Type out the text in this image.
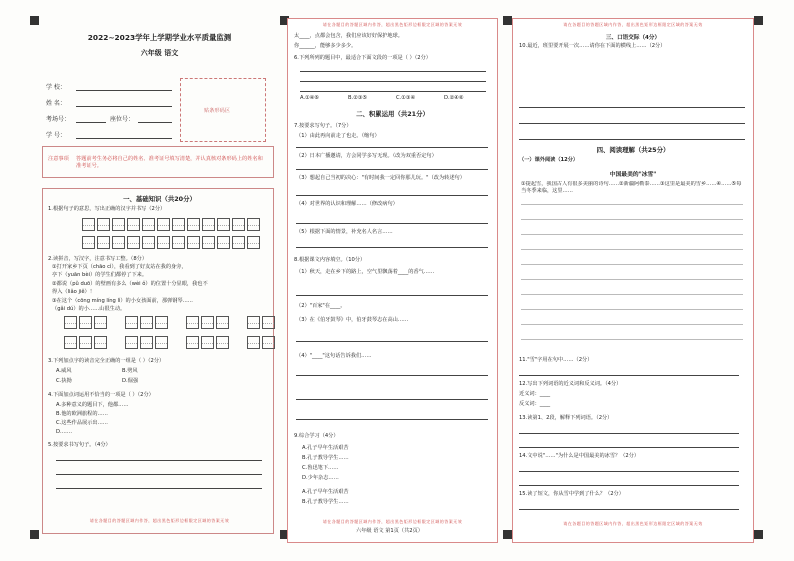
2022~2023学年上学期学业水平质量监测
六年级 语文
学 校：
姓 名：
考场号：	座位号：
学 号：
贴条形码区
注意事项 答题前考生务必将自己的姓名、准考证号填写清楚，并认真核对条形码上的姓名和准考证号。
一、基础知识（共20分）
1.根据句子的意思，写出正确的汉字并书写（2分）
2.读拼音，写汉字，注意书写工整。（8分）
①打开家乡下页（chāo cì），我看到了好友站在我的身旁，
亭下（yuān bèi）的学生们都停了下来。
②都说（pǔ duō）的壁画有多么（wèi ǒ）的位置十分显眼，我也不
得入（liǎo jiě）！
③在这个（cōng míng líng lì）的小女孩面前，那弹钢琴……
（gǎi dú）的小……山很生动。
3.下列加点字的读音完全正确的一组是（ ）（2分）
A.威风	B.劈风
C.执拗	D.倔强
4.下面加点词运用不恰当的一项是（ ）（2分）
A.多种意义的题目下，他都……
B.他的欧洲旅程的……
C.这些作品展示出……
D.……
5.按要求书写句子。（4分）
请在各题目的答题区域内作答，超出黑色矩形边框限定区域的答案无效
请在各题目的答题区域内作答，超出黑色矩形边框限定区域的答案无效
太____，点都会包含，我们应该好好保护地球。
你______，能够多少多少。
6.下列所列的题目中，最适合下面文段的一项是（ ）（2分）
A.①④⑥	B.②③⑤	C.①③④	D.②④⑥
二、积累运用（共21分）
7.按要求写句子。（7分）
（1）由此再向前走了也走。（缩句）
（2）日本广播邀请，方会同学多写无现。（改为双重否定句）
（3）想起自己当初的决心："有时间我一定回你那儿玩。"（改为转述句）
（4）对世界的认识和理解……（修改病句）
（5）根据下面的情景，补充名人名言……
8.根据课文内容填空。（10分）
（1）秋天，走在乡下的路上，空气里飘荡着____的香气……
（2）"百家"在____。
（3）在《伯牙鼓琴》中，伯牙鼓琴志在高山……
（4）"____"这句话告诉我们……
9.综合学习（4分）
A.孔子早年生活艰苦
B.孔子教导学生……
C.鲁迅笔下……
D.少年杂志……
A.孔子早年生活艰苦
B.孔子教导学生……
请在各题目的答题区域内作答，超出黑色矩形边框限定区域的答案无效
六年级 语文 第1页（共2页）
请在各题目的答题区域内作答，超出黑色矩形边框限定区域的答案无效
三、口语交际（4分）
10.最近，班里要开展一次……请你在下面的横线上……（2分）
四、阅读理解（共25分）
（一）课外阅读（12分）
中国最美的"冰雪"
①提起雪，我国古人有很多美丽的诗句……②新疆阿勒泰……③这里是最美的雪乡……④……⑤每当冬季来临，这里……
11."雪"字用在句中……（2分）
12.写出下列词语的近义词和反义词。（4分）
近义词：____
反义词：____
13.读第1、2段，解释下列词语。（2分）
14.文中说"……"为什么是中国最美的冰雪？（2分）
15.读了短文，你从雪中学到了什么？（2分）
请在各题目的答题区域内作答，超出黑色矩形边框限定区域的答案无效
